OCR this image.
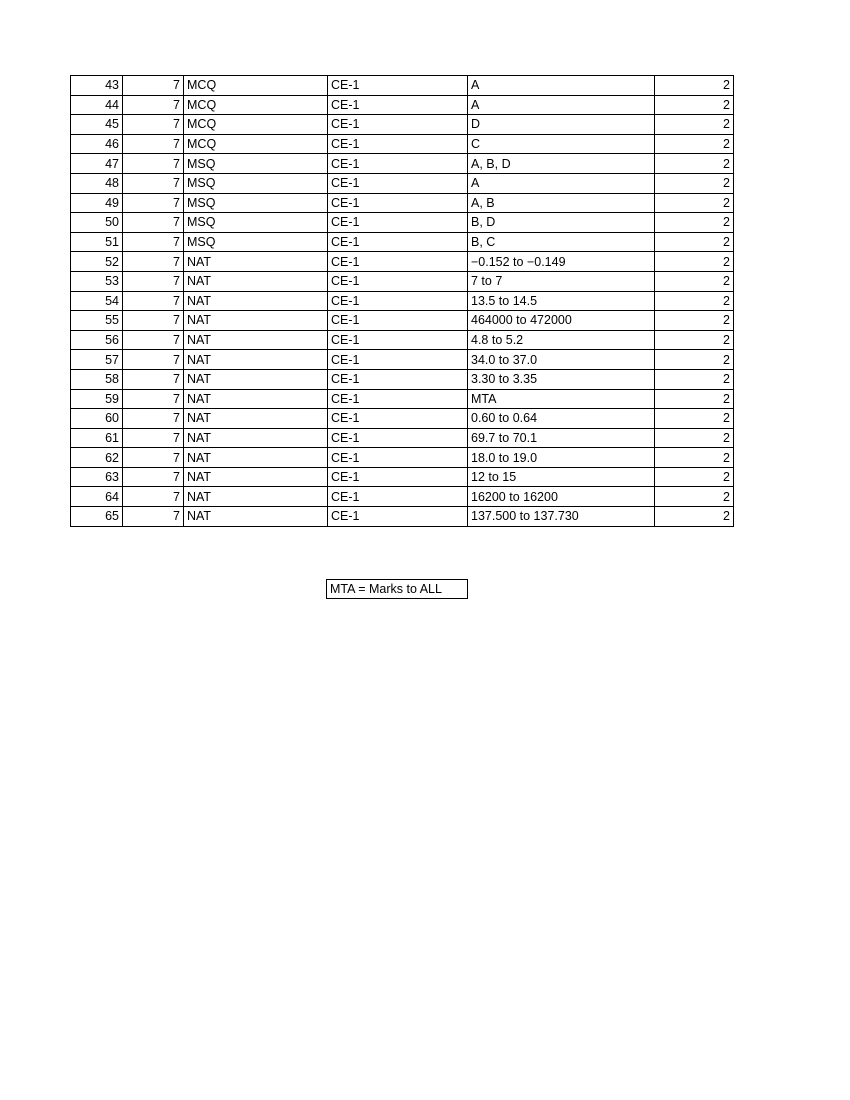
43	7	MCQ	CE-1	A	2
44	7	MCQ	CE-1	A	2
45	7	MCQ	CE-1	D	2
46	7	MCQ	CE-1	C	2
47	7	MSQ	CE-1	A, B, D	2
48	7	MSQ	CE-1	A	2
49	7	MSQ	CE-1	A, B	2
50	7	MSQ	CE-1	B, D	2
51	7	MSQ	CE-1	B, C	2
52	7	NAT	CE-1	−0.152 to −0.149	2
53	7	NAT	CE-1	7 to 7	2
54	7	NAT	CE-1	13.5 to 14.5	2
55	7	NAT	CE-1	464000 to 472000	2
56	7	NAT	CE-1	4.8 to 5.2	2
57	7	NAT	CE-1	34.0 to 37.0	2
58	7	NAT	CE-1	3.30 to 3.35	2
59	7	NAT	CE-1	MTA	2
60	7	NAT	CE-1	0.60 to 0.64	2
61	7	NAT	CE-1	69.7 to 70.1	2
62	7	NAT	CE-1	18.0 to 19.0	2
63	7	NAT	CE-1	12 to 15	2
64	7	NAT	CE-1	16200 to 16200	2
65	7	NAT	CE-1	137.500 to 137.730	2
MTA = Marks to ALL
